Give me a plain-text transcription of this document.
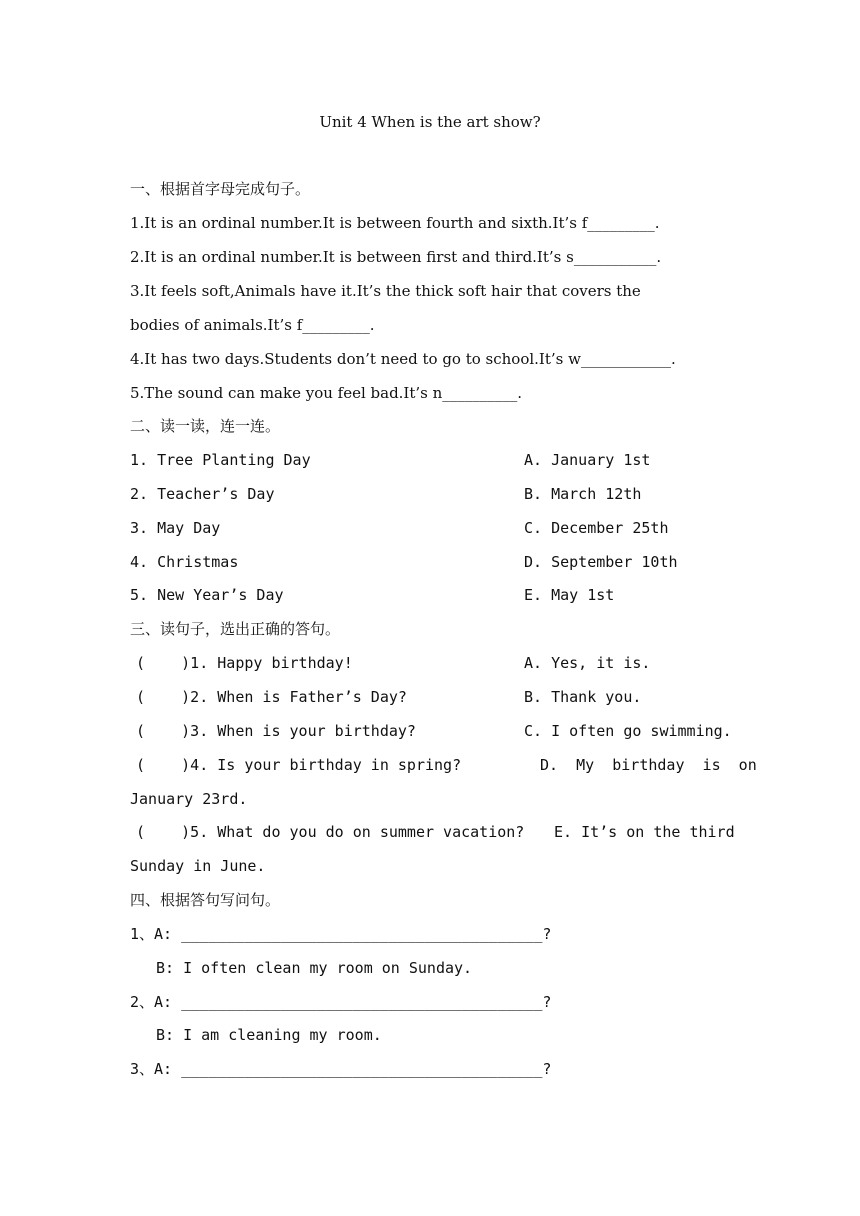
Unit 4 When is the art show?
一、根据首字母完成句子。
1.It is an ordinal number.It is between fourth and sixth.It’s f_________.
2.It is an ordinal number.It is between first and third.It’s s___________.
3.It feels soft,Animals have it.It’s the thick soft hair that covers the
bodies of animals.It’s f_________.
4.It has two days.Students don’t need to go to school.It’s w____________.
5.The sound can make you feel bad.It’s n__________.
二、读一读，连一连。
1. Tree Planting Day	A. January 1st
2. Teacher’s Day	B. March 12th
3. May Day	C. December 25th
4. Christmas	D. September 10th
5. New Year’s Day	E. May 1st
三、读句子，选出正确的答句。
(    )1. Happy birthday!	A. Yes, it is.
(    )2. When is Father’s Day?	B. Thank you.
(    )3. When is your birthday?	C. I often go swimming.
(    )4. Is your birthday in spring?	D.  My  birthday  is  on
January 23rd.
(    )5. What do you do on summer vacation? E. It’s on the third
Sunday in June.
四、根据答句写问句。
1、A: ________________________________________?
B: I often clean my room on Sunday.
2、A: ________________________________________?
B: I am cleaning my room.
3、A: ________________________________________?
